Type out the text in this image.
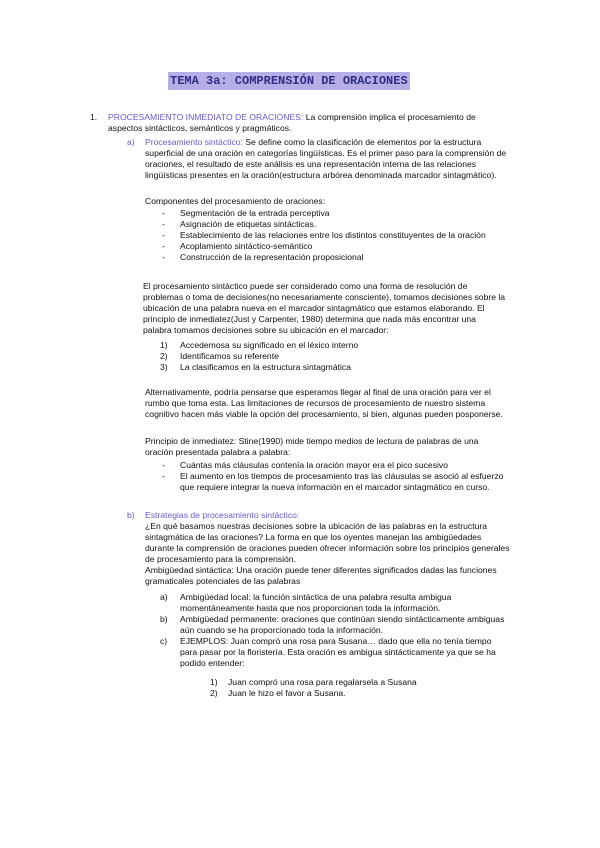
TEMA 3a: COMPRENSIÓN DE ORACIONES
1. PROCESAMIENTO INMEDIATO DE ORACIONES: La comprensión implica el procesamiento de
aspectos sintácticos, semánticos y pragmáticos.
a) Procesamiento sintáctico: Se define como la clasificación de elementos por la estructura
superficial de una oración en categorías lingüísticas. Es el primer paso para la comprensión de
oraciones, el resultado de este análisis es una representación interna de las relaciones
lingüísticas presentes en la oración(estructura arbórea denominada marcador sintagmático).
Componentes del procesamiento de oraciones:
- Segmentación de la entrada perceptiva
- Asignación de etiquetas sintácticas.
- Establecimiento de las relaciones entre los distintos constituyentes de la oración
- Acoplamiento sintáctico-semántico
- Construcción de la representación proposicional
El procesamiento sintáctico puede ser considerado como una forma de resolución de
problemas o toma de decisiones(no necesariamente consciente), tomamos decisiones sobre la
ubicación de una palabra nueva en el marcador sintagmático que estamos elaborando. El
principio de inmediatez(Just y Carpenter, 1980) determina que nada más encontrar una
palabra tomamos decisiones sobre su ubicación en el marcador:
1) Accedemosa su significado en el léxico interno
2) Identificamos su referente
3) La clasificamos en la estructura sintagmática
Alternativamente, podría pensarse que esperamos llegar al final de una oración para ver el
rumbo que toma esta. Las limitaciones de recursos de procesamiento de nuestro sistema
cognitivo hacen más viable la opción del procesamiento, si bien, algunas pueden posponerse.
Principio de inmediatez: Stine(1990) mide tiempo medios de lectura de palabras de una
oración presentada palabra a palabra:
- Cuántas más cláusulas contenía la oración mayor era el pico sucesivo
- El aumento en los tiempos de procesamiento tras las cláusulas se asoció al esfuerzo
que requiere integrar la nueva información en el marcador sintagmático en curso.
b) Estrategias de procesamiento sintáctico:
¿En qué basamos nuestras decisiones sobre la ubicación de las palabras en la estructura
sintagmática de las oraciones? La forma en que los oyentes manejan las ambigüedades
durante la comprensión de oraciones pueden ofrecer información sobre los principios generales
de procesamiento para la comprensión.
Ambigüedad sintáctica: Una oración puede tener diferentes significados dadas las funciones
gramaticales potenciales de las palabras
a) Ambigüedad local: la función sintáctica de una palabra resulta ambigua
momentáneamente hasta que nos proporcionan toda la información.
b) Ambigüedad permanente: oraciones que continúan siendo sintácticamente ambiguas
aún cuando se ha proporcionado toda la información.
c) EJEMPLOS: Juan compró una rosa para Susana… dado que ella no tenía tiempo
para pasar por la floristería. Esta oración es ambigua sintácticamente ya que se ha
podido entender:
1) Juan compró una rosa para regalarsela a Susana
2) Juan le hizo el favor a Susana.
